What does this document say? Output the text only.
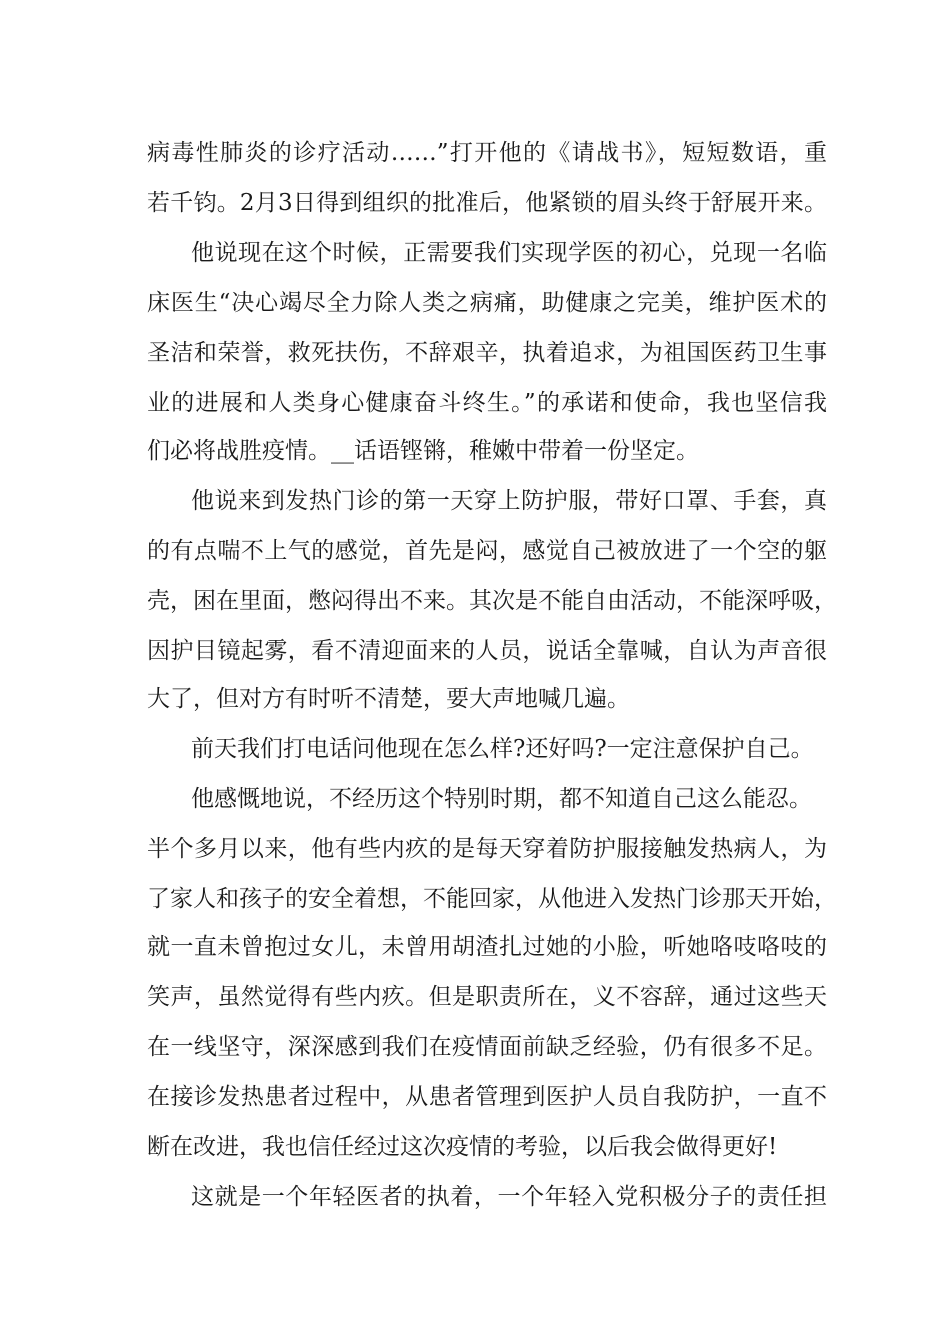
病毒性肺炎的诊疗活动……”打开他的《请战书》，短短数语，重
若千钧。2月3日得到组织的批准后，他紧锁的眉头终于舒展开来。
他说现在这个时候，正需要我们实现学医的初心，兑现一名临
床医生“决心竭尽全力除人类之病痛，助健康之完美，维护医术的
圣洁和荣誉，救死扶伤，不辞艰辛，执着追求，为祖国医药卫生事
业的进展和人类身心健康奋斗终生。”的承诺和使命，我也坚信我
们必将战胜疫情。__话语铿锵，稚嫩中带着一份坚定。
他说来到发热门诊的第一天穿上防护服，带好口罩、手套，真
的有点喘不上气的感觉，首先是闷，感觉自己被放进了一个空的躯
壳，困在里面，憋闷得出不来。其次是不能自由活动，不能深呼吸，
因护目镜起雾，看不清迎面来的人员，说话全靠喊，自认为声音很
大了，但对方有时听不清楚，要大声地喊几遍。
前天我们打电话问他现在怎么样?还好吗?一定注意保护自己。
他感慨地说，不经历这个特别时期，都不知道自己这么能忍。
半个多月以来，他有些内疚的是每天穿着防护服接触发热病人，为
了家人和孩子的安全着想，不能回家，从他进入发热门诊那天开始，
就一直未曾抱过女儿，未曾用胡渣扎过她的小脸，听她咯吱咯吱的
笑声，虽然觉得有些内疚。但是职责所在，义不容辞，通过这些天
在一线坚守，深深感到我们在疫情面前缺乏经验，仍有很多不足。
在接诊发热患者过程中，从患者管理到医护人员自我防护，一直不
断在改进，我也信任经过这次疫情的考验，以后我会做得更好!
这就是一个年轻医者的执着，一个年轻入党积极分子的责任担
